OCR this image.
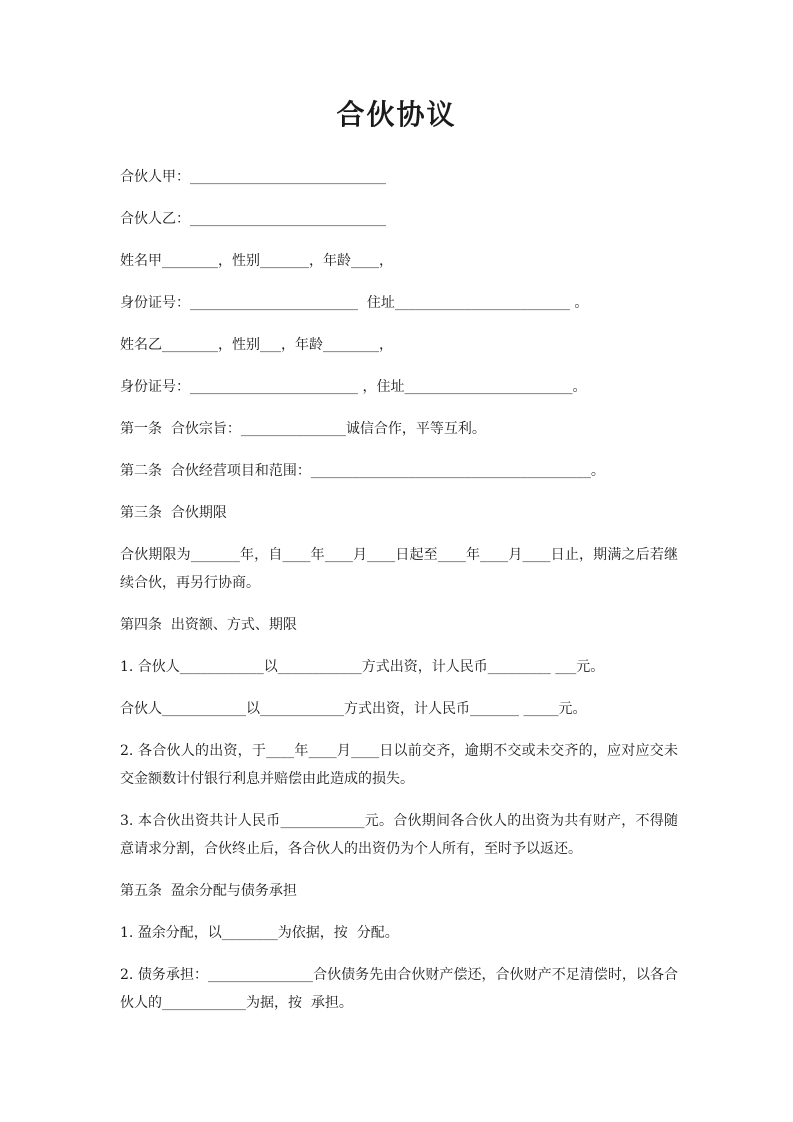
合伙协议

合伙人甲：____________________________

合伙人乙：____________________________

姓名甲________，性别_______，年龄____，

身份证号：________________________  住址_________________________ 。

姓名乙________，性别___，年龄________，

身份证号：________________________ ，住址________________________。

第一条  合伙宗旨：_______________诚信合作，平等互利。

第二条  合伙经营项目和范围：________________________________________。

第三条  合伙期限

合伙期限为_______年，自____年____月____日起至____年____月____日止，期满之后若继续合伙，再另行协商。

第四条  出资额、方式、期限

1. 合伙人____________以____________方式出资，计人民币_________ ___元。

合伙人____________以____________方式出资，计人民币_______ _____元。

2. 各合伙人的出资，于____年____月____日以前交齐，逾期不交或未交齐的，应对应交未交金额数计付银行利息并赔偿由此造成的损失。

3. 本合伙出资共计人民币____________元。合伙期间各合伙人的出资为共有财产，不得随意请求分割，合伙终止后，各合伙人的出资仍为个人所有，至时予以返还。

第五条  盈余分配与债务承担

1. 盈余分配，以________为依据，按  分配。

2. 债务承担：_______________合伙债务先由合伙财产偿还，合伙财产不足清偿时，以各合伙人的____________为据，按  承担。
